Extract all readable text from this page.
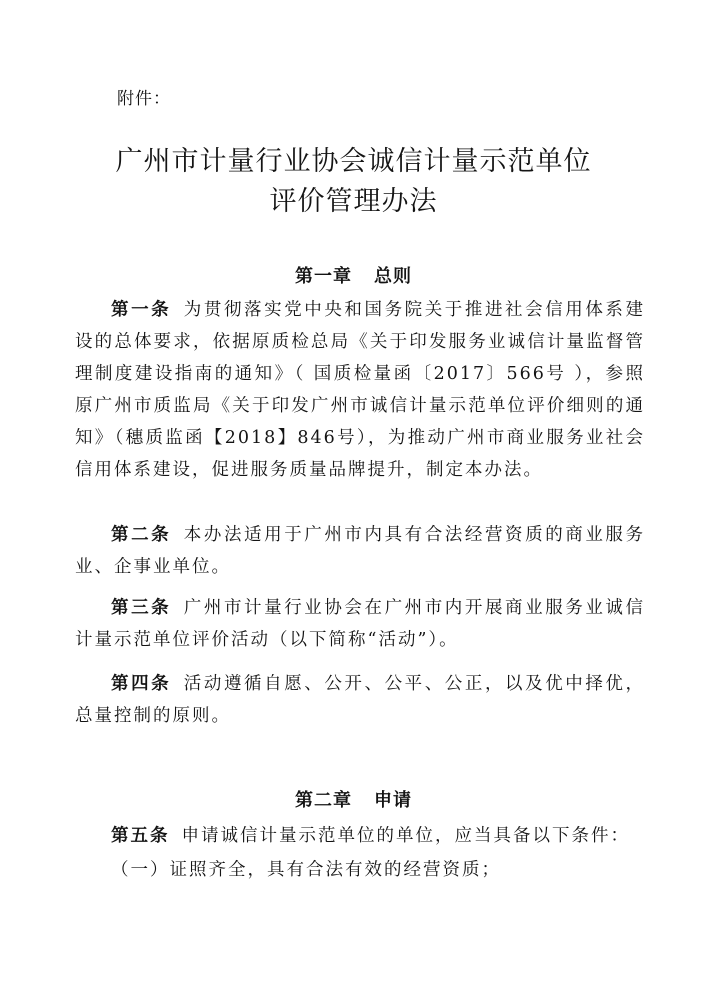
附件：
广州市计量行业协会诚信计量示范单位
评价管理办法
第一章 总则
第一条 为贯彻落实党中央和国务院关于推进社会信用体系建设的总体要求，依据原质检总局《关于印发服务业诚信计量监督管理制度建设指南的通知》（ 国质检量函〔2017〕566号 ），参照原广州市质监局《关于印发广州市诚信计量示范单位评价细则的通知》（穗质监函【2018】846号），为推动广州市商业服务业社会信用体系建设，促进服务质量品牌提升，制定本办法。
第二条 本办法适用于广州市内具有合法经营资质的商业服务业、企事业单位。
第三条 广州市计量行业协会在广州市内开展商业服务业诚信计量示范单位评价活动（以下简称“活动”）。
第四条 活动遵循自愿、公开、公平、公正，以及优中择优，总量控制的原则。
第二章 申请
第五条 申请诚信计量示范单位的单位，应当具备以下条件：
（一）证照齐全，具有合法有效的经营资质；
